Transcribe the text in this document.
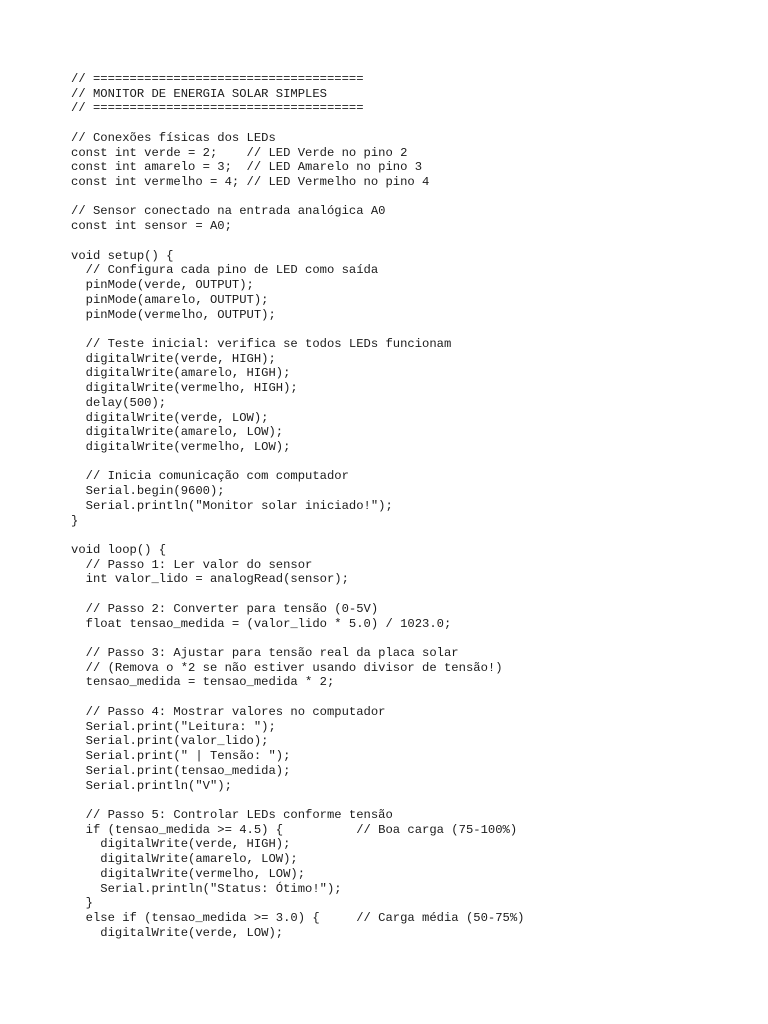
// =====================================
// MONITOR DE ENERGIA SOLAR SIMPLES
// =====================================
// Conexões físicas dos LEDs
const int verde = 2;    // LED Verde no pino 2
const int amarelo = 3;  // LED Amarelo no pino 3
const int vermelho = 4; // LED Vermelho no pino 4
// Sensor conectado na entrada analógica A0
const int sensor = A0;
void setup() {
// Configura cada pino de LED como saída
pinMode(verde, OUTPUT);
pinMode(amarelo, OUTPUT);
pinMode(vermelho, OUTPUT);
// Teste inicial: verifica se todos LEDs funcionam
digitalWrite(verde, HIGH);
digitalWrite(amarelo, HIGH);
digitalWrite(vermelho, HIGH);
delay(500);
digitalWrite(verde, LOW);
digitalWrite(amarelo, LOW);
digitalWrite(vermelho, LOW);
// Inicia comunicação com computador
Serial.begin(9600);
Serial.println("Monitor solar iniciado!");
}
void loop() {
// Passo 1: Ler valor do sensor
int valor_lido = analogRead(sensor);
// Passo 2: Converter para tensão (0-5V)
float tensao_medida = (valor_lido * 5.0) / 1023.0;
// Passo 3: Ajustar para tensão real da placa solar
// (Remova o *2 se não estiver usando divisor de tensão!)
tensao_medida = tensao_medida * 2;
// Passo 4: Mostrar valores no computador
Serial.print("Leitura: ");
Serial.print(valor_lido);
Serial.print(" | Tensão: ");
Serial.print(tensao_medida);
Serial.println("V");
// Passo 5: Controlar LEDs conforme tensão
if (tensao_medida >= 4.5) {          // Boa carga (75-100%)
digitalWrite(verde, HIGH);
digitalWrite(amarelo, LOW);
digitalWrite(vermelho, LOW);
Serial.println("Status: Ótimo!");
}
else if (tensao_medida >= 3.0) {     // Carga média (50-75%)
digitalWrite(verde, LOW);
